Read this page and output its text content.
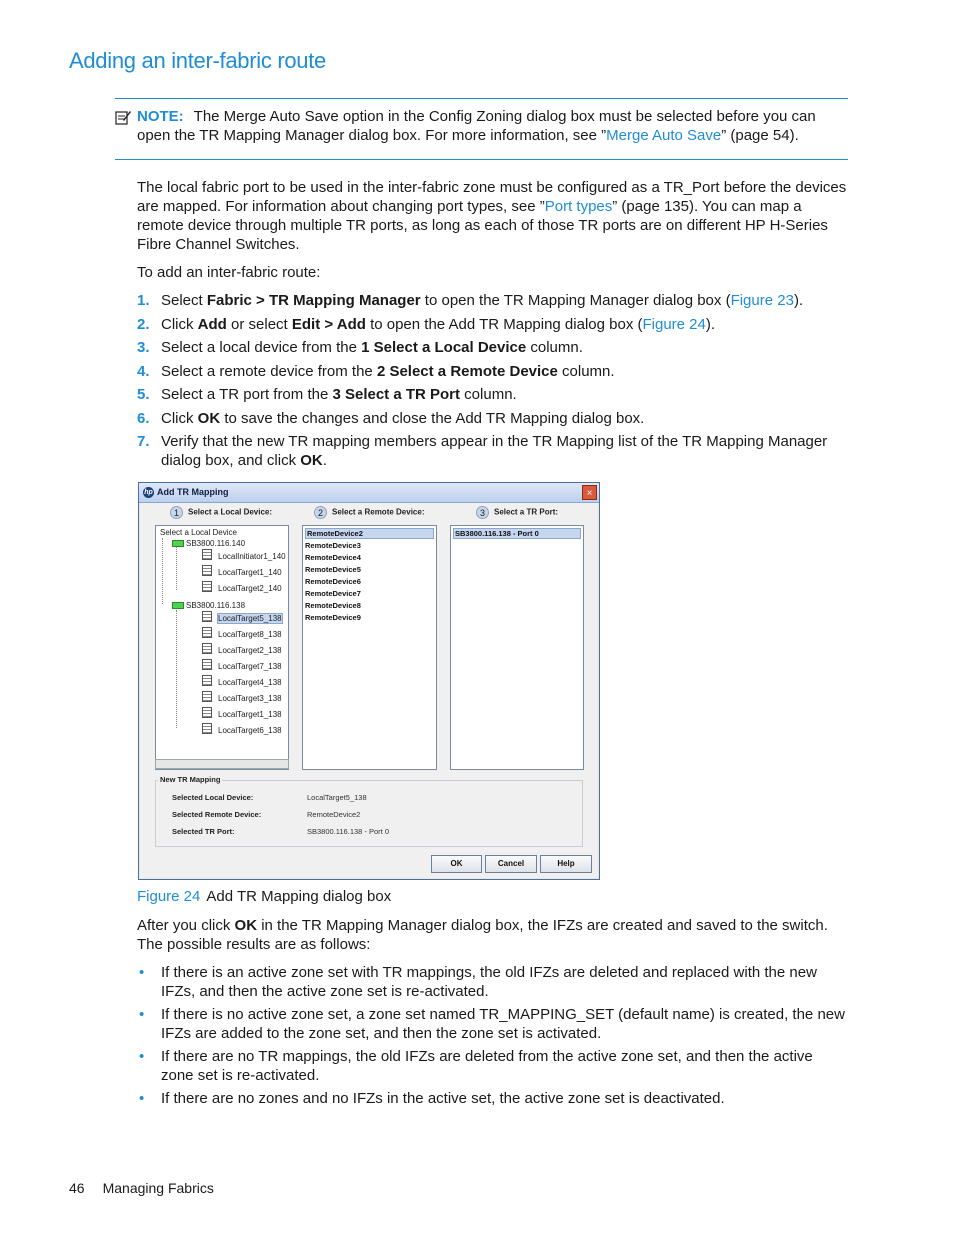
Adding an inter-fabric route
NOTE: The Merge Auto Save option in the Config Zoning dialog box must be selected before you can open the TR Mapping Manager dialog box. For more information, see ”Merge Auto Save” (page 54).
The local fabric port to be used in the inter-fabric zone must be configured as a TR_Port before the devices are mapped. For information about changing port types, see ”Port types” (page 135). You can map a remote device through multiple TR ports, as long as each of those TR ports are on different HP H-Series Fibre Channel Switches.
To add an inter-fabric route:
1. Select Fabric > TR Mapping Manager to open the TR Mapping Manager dialog box (Figure 23).
2. Click Add or select Edit > Add to open the Add TR Mapping dialog box (Figure 24).
3. Select a local device from the 1 Select a Local Device column.
4. Select a remote device from the 2 Select a Remote Device column.
5. Select a TR port from the 3 Select a TR Port column.
6. Click OK to save the changes and close the Add TR Mapping dialog box.
7. Verify that the new TR mapping members appear in the TR Mapping list of the TR Mapping Manager dialog box, and click OK.
hp Add TR Mapping	×
1 Select a Local Device:	2 Select a Remote Device:	3 Select a TR Port:
Select a Local Device
SB3800.116.140
SB3800.116.138
LocalInitiator1_140
LocalTarget1_140
LocalTarget2_140
LocalTarget5_138
LocalTarget8_138
LocalTarget2_138
LocalTarget7_138
LocalTarget4_138
LocalTarget3_138
LocalTarget1_138
LocalTarget6_138
RemoteDevice2
RemoteDevice3
RemoteDevice4
RemoteDevice5
RemoteDevice6
RemoteDevice7
RemoteDevice8
RemoteDevice9
SB3800.116.138 - Port 0
New TR Mapping
Selected Local Device:	LocalTarget5_138
Selected Remote Device:	RemoteDevice2
Selected TR Port:	SB3800.116.138 - Port 0
OK	Cancel	Help
Figure 24 Add TR Mapping dialog box
After you click OK in the TR Mapping Manager dialog box, the IFZs are created and saved to the switch. The possible results are as follows:
• If there is an active zone set with TR mappings, the old IFZs are deleted and replaced with the new IFZs, and then the active zone set is re-activated.
• If there is no active zone set, a zone set named TR_MAPPING_SET (default name) is created, the new IFZs are added to the zone set, and then the zone set is activated.
• If there are no TR mappings, the old IFZs are deleted from the active zone set, and then the active zone set is re-activated.
• If there are no zones and no IFZs in the active set, the active zone set is deactivated.
46 Managing Fabrics
